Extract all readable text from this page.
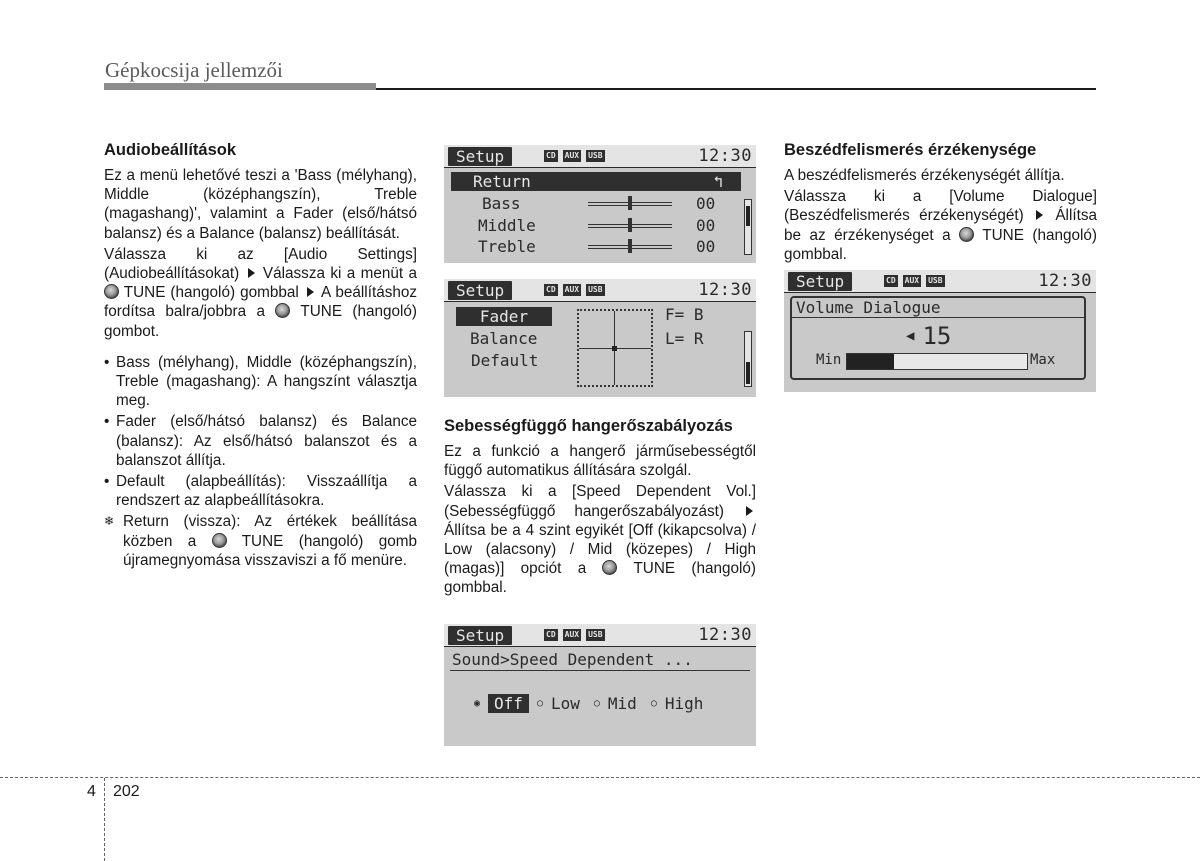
Gépkocsija jellemzői
Audiobeállítások

Ez a menü lehetővé teszi a 'Bass (mélyhang), Middle (középhangszín), Treble (magashang)', valamint a Fader (első/hátsó balansz) és a Balance (balansz) beállítását.

Válassza ki az [Audio Settings] (Audiobeállításokat) Válassza ki a menüt a  TUNE (hangoló) gombbal A beállításhoz fordítsa balra/jobbra a TUNE (hangoló) gombot.

• Bass (mélyhang), Middle (középhangszín), Treble (magashang): A hangszínt választja meg.
• Fader (első/hátsó balansz) és Balance (balansz): Az első/hátsó balanszot és a balanszot állítja.
• Default (alapbeállítás): Visszaállítja a rendszert az alapbeállításokra.
❄ Return (vissza): Az értékek beállítása közben a	TUNE (hangoló) gomb újramegnyomása visszaviszi a fő menüre.
Setup	CD AUX USB	12:30
Return	↰
Bass	00
Middle	00
Treble	00
Setup	CD AUX USB	12:30
Fader
Balance
Default
F= B
L= R
Sebességfüggő hangerőszabályozás

Ez a funkció a hangerő járműsebességtől függő automatikus állítására szolgál.

Válassza ki a [Speed Dependent Vol.] (Sebességfüggő hangerőszabályozást)  Állítsa be a 4 szint egyikét [Off (kikapcsolva) / Low (alacsony) / Mid (közepes) / High (magas)] opciót a	TUNE (hangoló) gombbal.

Setup	CD AUX USB	12:30
Sound>Speed Dependent ...
◉ Off	○ Low ○ Mid ○ High
Beszédfelismerés érzékenysége

A beszédfelismerés érzékenységét állítja.

Válassza ki a [Volume Dialogue] (Beszédfelismerés érzékenységét) Állítsa be az érzékenységet a TUNE (hangoló) gombbal.

Setup	CD AUX USB	12:30
Volume Dialogue
◀ 15
Min	Max
4 202
